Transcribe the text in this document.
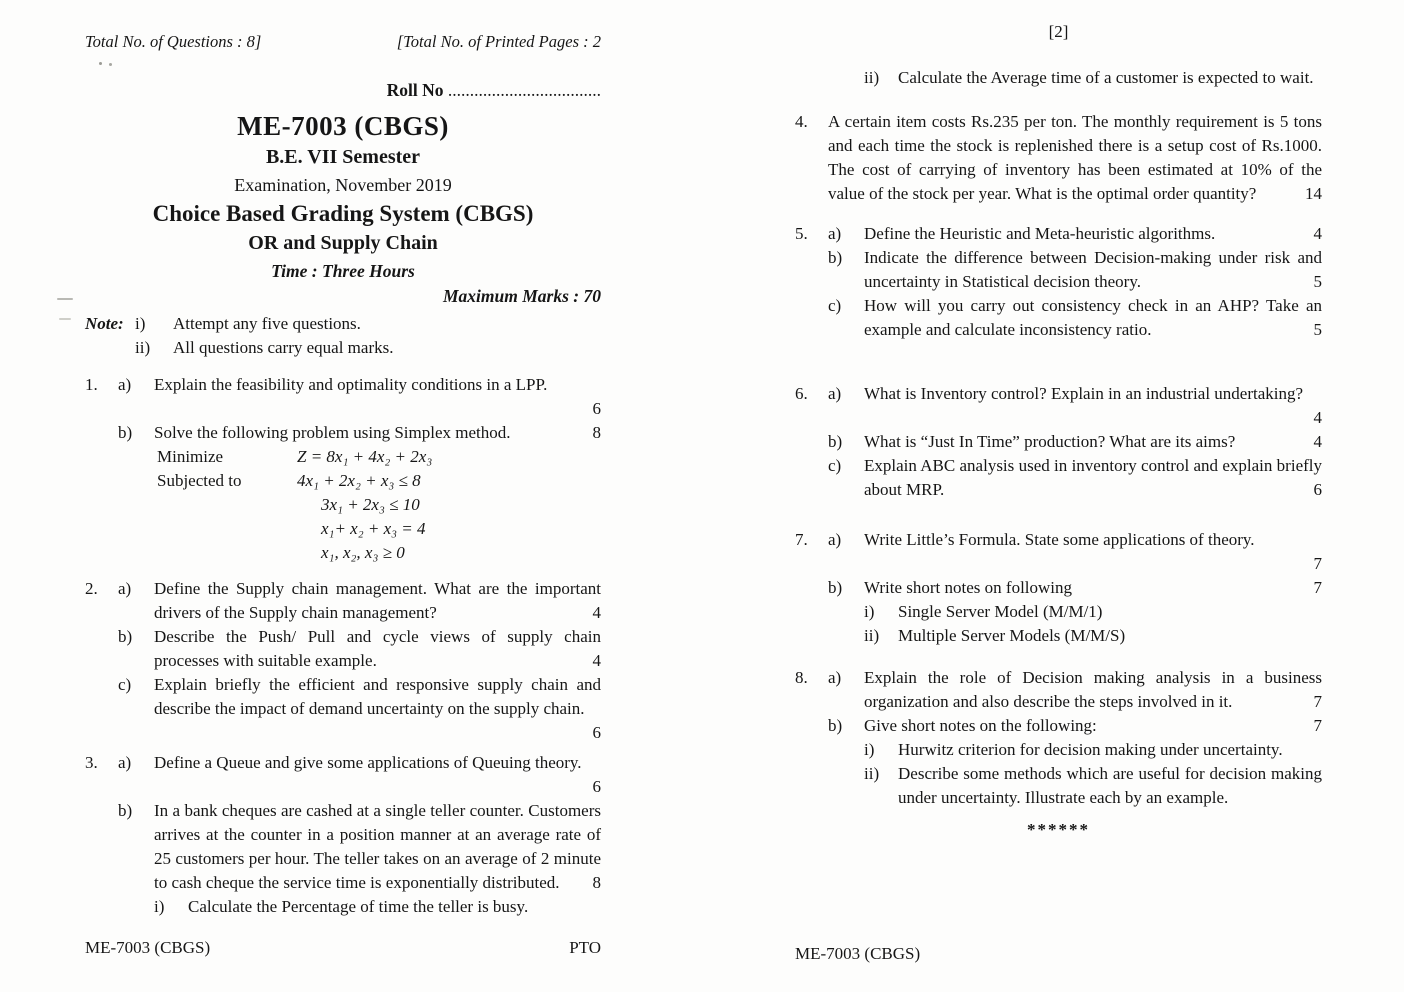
Total No. of Questions : 8]	[Total No. of Printed Pages : 2
Roll No ...................................
ME-7003 (CBGS)
B.E. VII Semester
Examination, November 2019
Choice Based Grading System (CBGS)
OR and Supply Chain
Time : Three Hours
Maximum Marks : 70
Note: i)	Attempt any five questions.
ii)	All questions carry equal marks.
1.	a)	Explain the feasibility and optimality conditions in a LPP.
6
b)	Solve the following problem using Simplex method.	8
Minimize	Z = 8x₁ + 4x₂ + 2x₃
Subjected to	4x₁ + 2x₂ + x₃ ≤ 8
3x₁ + 2x₃ ≤ 10
x₁+ x₂ + x₃ = 4
x₁, x₂, x₃ ≥ 0
2.	a)	Define the Supply chain management. What are the important drivers of the Supply chain management?	4
b)	Describe the Push/ Pull and cycle views of supply chain processes with suitable example.	4
c)	Explain briefly the efficient and responsive supply chain and describe the impact of demand uncertainty on the supply chain.
6
3.	a)	Define a Queue and give some applications of Queuing theory.
6
b)	In a bank cheques are cashed at a single teller counter. Customers arrives at the counter in a position manner at an average rate of 25 customers per hour. The teller takes on an average of 2 minute to cash cheque the service time is exponentially distributed. 8
i)	Calculate the Percentage of time the teller is busy.
ME-7003 (CBGS)	PTO
[2]
ii)	Calculate the Average time of a customer is expected to wait.
4.	A certain item costs Rs.235 per ton. The monthly requirement is 5 tons and each time the stock is replenished there is a setup cost of Rs.1000. The cost of carrying of inventory has been estimated at 10% of the value of the stock per year. What is the optimal order quantity?	14
5.	a)	Define the Heuristic and Meta-heuristic algorithms.	4
b)	Indicate the difference between Decision-making under risk and uncertainty in Statistical decision theory.	5
c)	How will you carry out consistency check in an AHP? Take an example and calculate inconsistency ratio.	5
6.	a)	What is Inventory control? Explain in an industrial undertaking?
4
b)	What is “Just In Time” production? What are its aims?	4
c)	Explain ABC analysis used in inventory control and explain briefly about MRP.	6
7.	a)	Write Little’s Formula. State some applications of theory.
7
b)	Write short notes on following	7
i)	Single Server Model (M/M/1)
ii)	Multiple Server Models (M/M/S)
8.	a)	Explain the role of Decision making analysis in a business organization and also describe the steps involved in it.	7
b)	Give short notes on the following:	7
i)	Hurwitz criterion for decision making under uncertainty.
ii)	Describe some methods which are useful for decision making under uncertainty. Illustrate each by an example.
******
ME-7003 (CBGS)
